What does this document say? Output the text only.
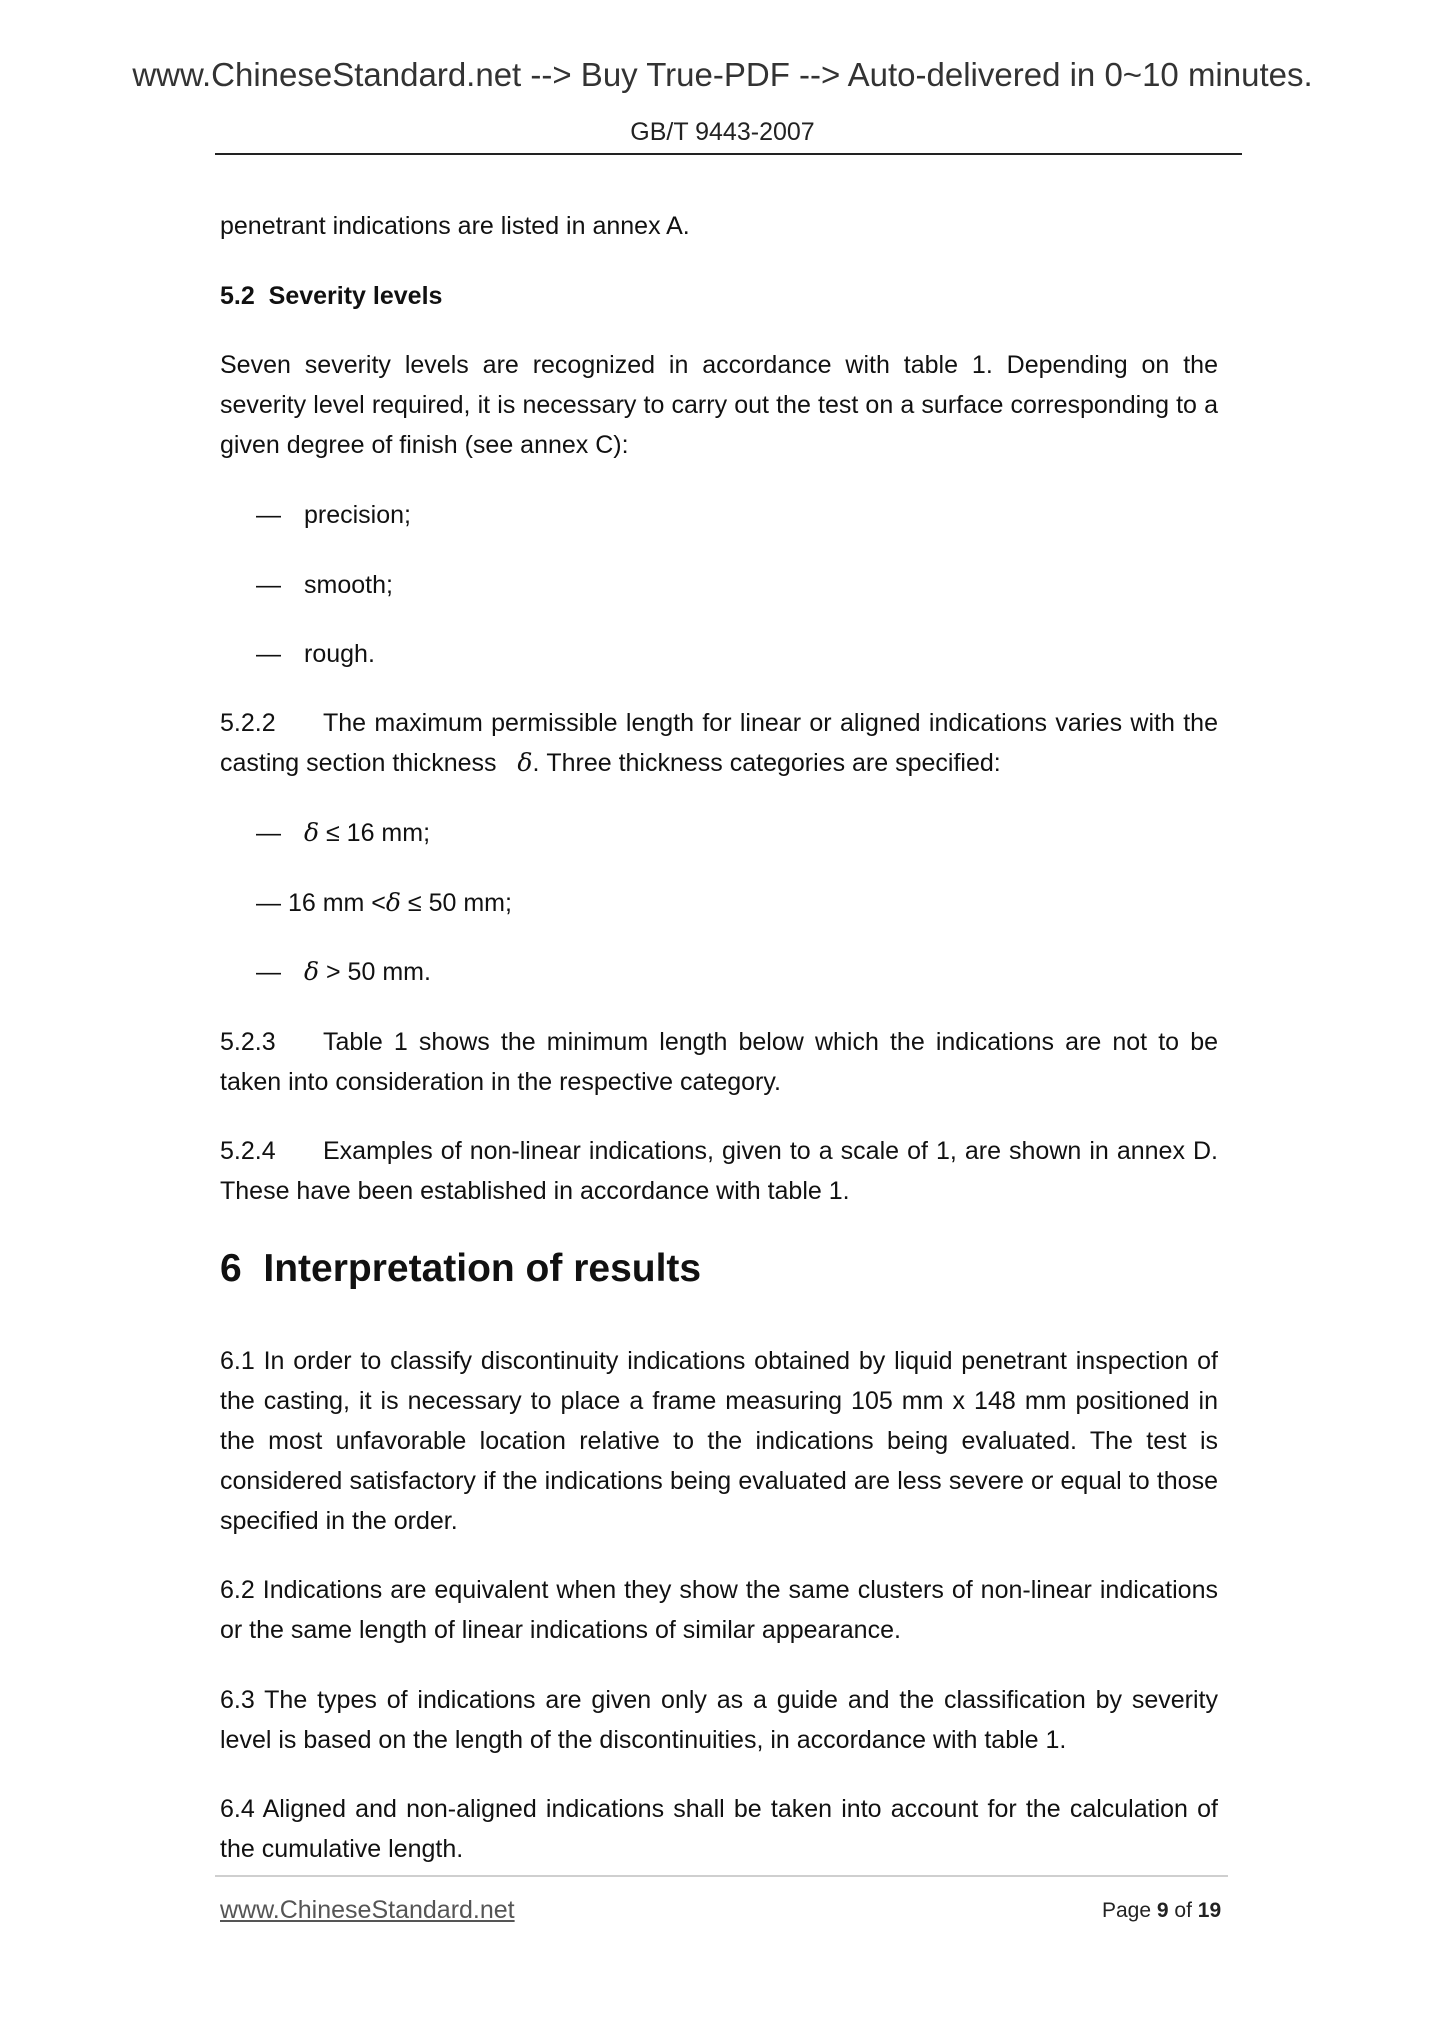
www.ChineseStandard.net --> Buy True-PDF --> Auto-delivered in 0~10 minutes.
GB/T 9443-2007

penetrant indications are listed in annex A.

5.2 Severity levels

Seven severity levels are recognized in accordance with table 1. Depending on the severity level required, it is necessary to carry out the test on a surface corresponding to a given degree of finish (see annex C):

— precision;

— smooth;

— rough.

5.2.2 The maximum permissible length for linear or aligned indications varies with the casting section thickness δ. Three thickness categories are specified:

— δ ≤ 16 mm;

— 16 mm <δ ≤ 50 mm;

— δ > 50 mm.

5.2.3 Table 1 shows the minimum length below which the indications are not to be taken into consideration in the respective category.

5.2.4 Examples of non-linear indications, given to a scale of 1, are shown in annex D. These have been established in accordance with table 1.

6 Interpretation of results

6.1 In order to classify discontinuity indications obtained by liquid penetrant inspection of the casting, it is necessary to place a frame measuring 105 mm x 148 mm positioned in the most unfavorable location relative to the indications being evaluated. The test is considered satisfactory if the indications being evaluated are less severe or equal to those specified in the order.

6.2 Indications are equivalent when they show the same clusters of non-linear indications or the same length of linear indications of similar appearance.

6.3 The types of indications are given only as a guide and the classification by severity level is based on the length of the discontinuities, in accordance with table 1.

6.4 Aligned and non-aligned indications shall be taken into account for the calculation of the cumulative length.

www.ChineseStandard.net	Page 9 of 19
